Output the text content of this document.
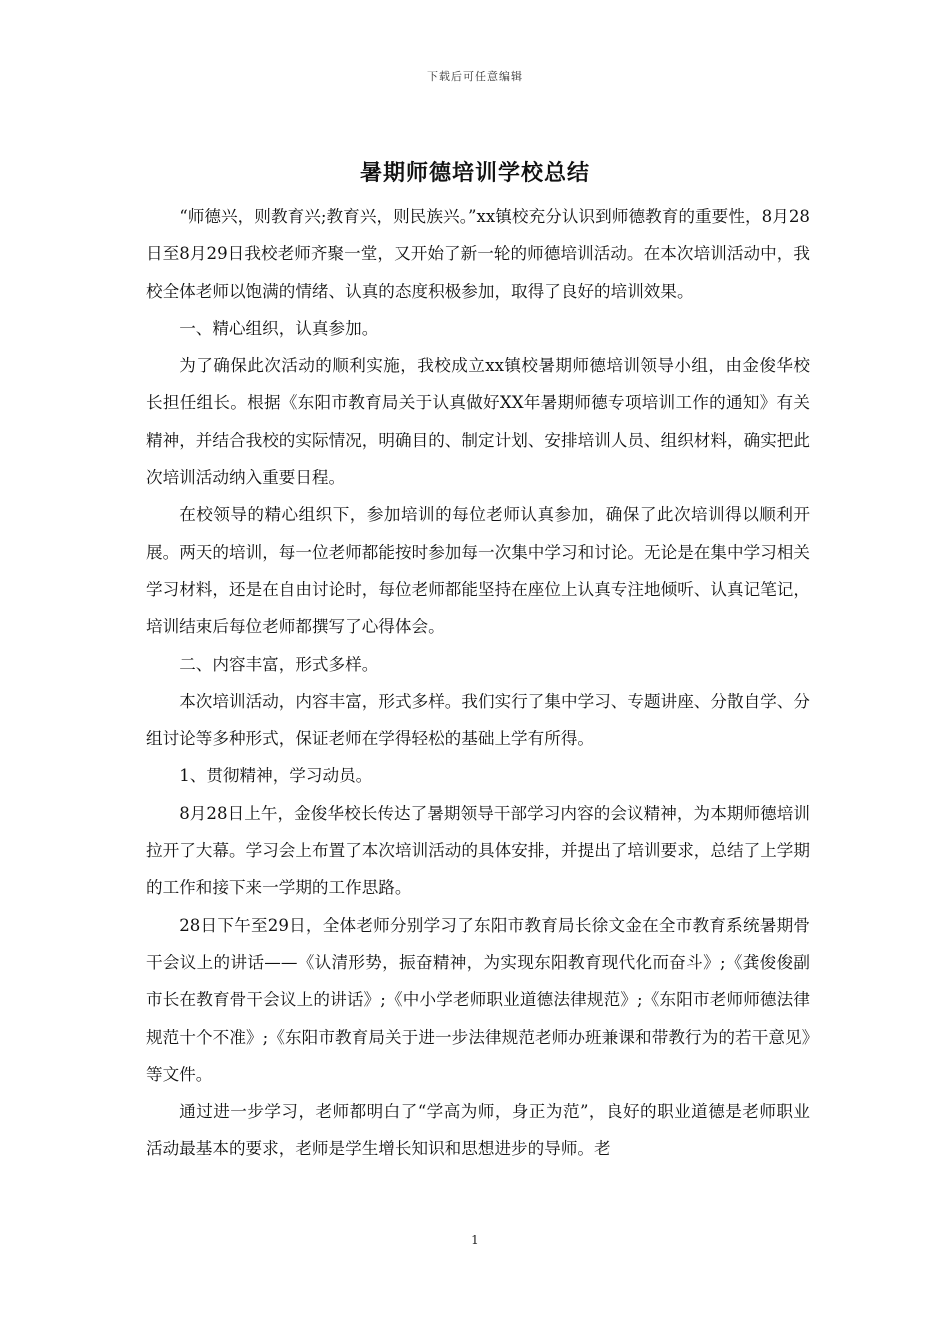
下载后可任意编辑
暑期师德培训学校总结

“师德兴，则教育兴;教育兴，则民族兴。”xx镇校充分认识到师德教育的重要性，8月28日至8月29日我校老师齐聚一堂，又开始了新一轮的师德培训活动。在本次培训活动中，我校全体老师以饱满的情绪、认真的态度积极参加，取得了良好的培训效果。

一、精心组织，认真参加。

为了确保此次活动的顺利实施，我校成立xx镇校暑期师德培训领导小组，由金俊华校长担任组长。根据《东阳市教育局关于认真做好XX年暑期师德专项培训工作的通知》有关精神，并结合我校的实际情况，明确目的、制定计划、安排培训人员、组织材料，确实把此次培训活动纳入重要日程。

在校领导的精心组织下，参加培训的每位老师认真参加，确保了此次培训得以顺利开展。两天的培训，每一位老师都能按时参加每一次集中学习和讨论。无论是在集中学习相关学习材料，还是在自由讨论时，每位老师都能坚持在座位上认真专注地倾听、认真记笔记，培训结束后每位老师都撰写了心得体会。

二、内容丰富，形式多样。

本次培训活动，内容丰富，形式多样。我们实行了集中学习、专题讲座、分散自学、分组讨论等多种形式，保证老师在学得轻松的基础上学有所得。

1、贯彻精神，学习动员。

8月28日上午，金俊华校长传达了暑期领导干部学习内容的会议精神，为本期师德培训拉开了大幕。学习会上布置了本次培训活动的具体安排，并提出了培训要求，总结了上学期的工作和接下来一学期的工作思路。

28日下午至29日，全体老师分别学习了东阳市教育局长徐文金在全市教育系统暑期骨干会议上的讲话——《认清形势，振奋精神，为实现东阳教育现代化而奋斗》;《龚俊俊副市长在教育骨干会议上的讲话》;《中小学老师职业道德法律规范》;《东阳市老师师德法律规范十个不准》;《东阳市教育局关于进一步法律规范老师办班兼课和带教行为的若干意见》等文件。

通过进一步学习，老师都明白了“学高为师，身正为范”，良好的职业道德是老师职业活动最基本的要求，老师是学生增长知识和思想进步的导师。老

1
